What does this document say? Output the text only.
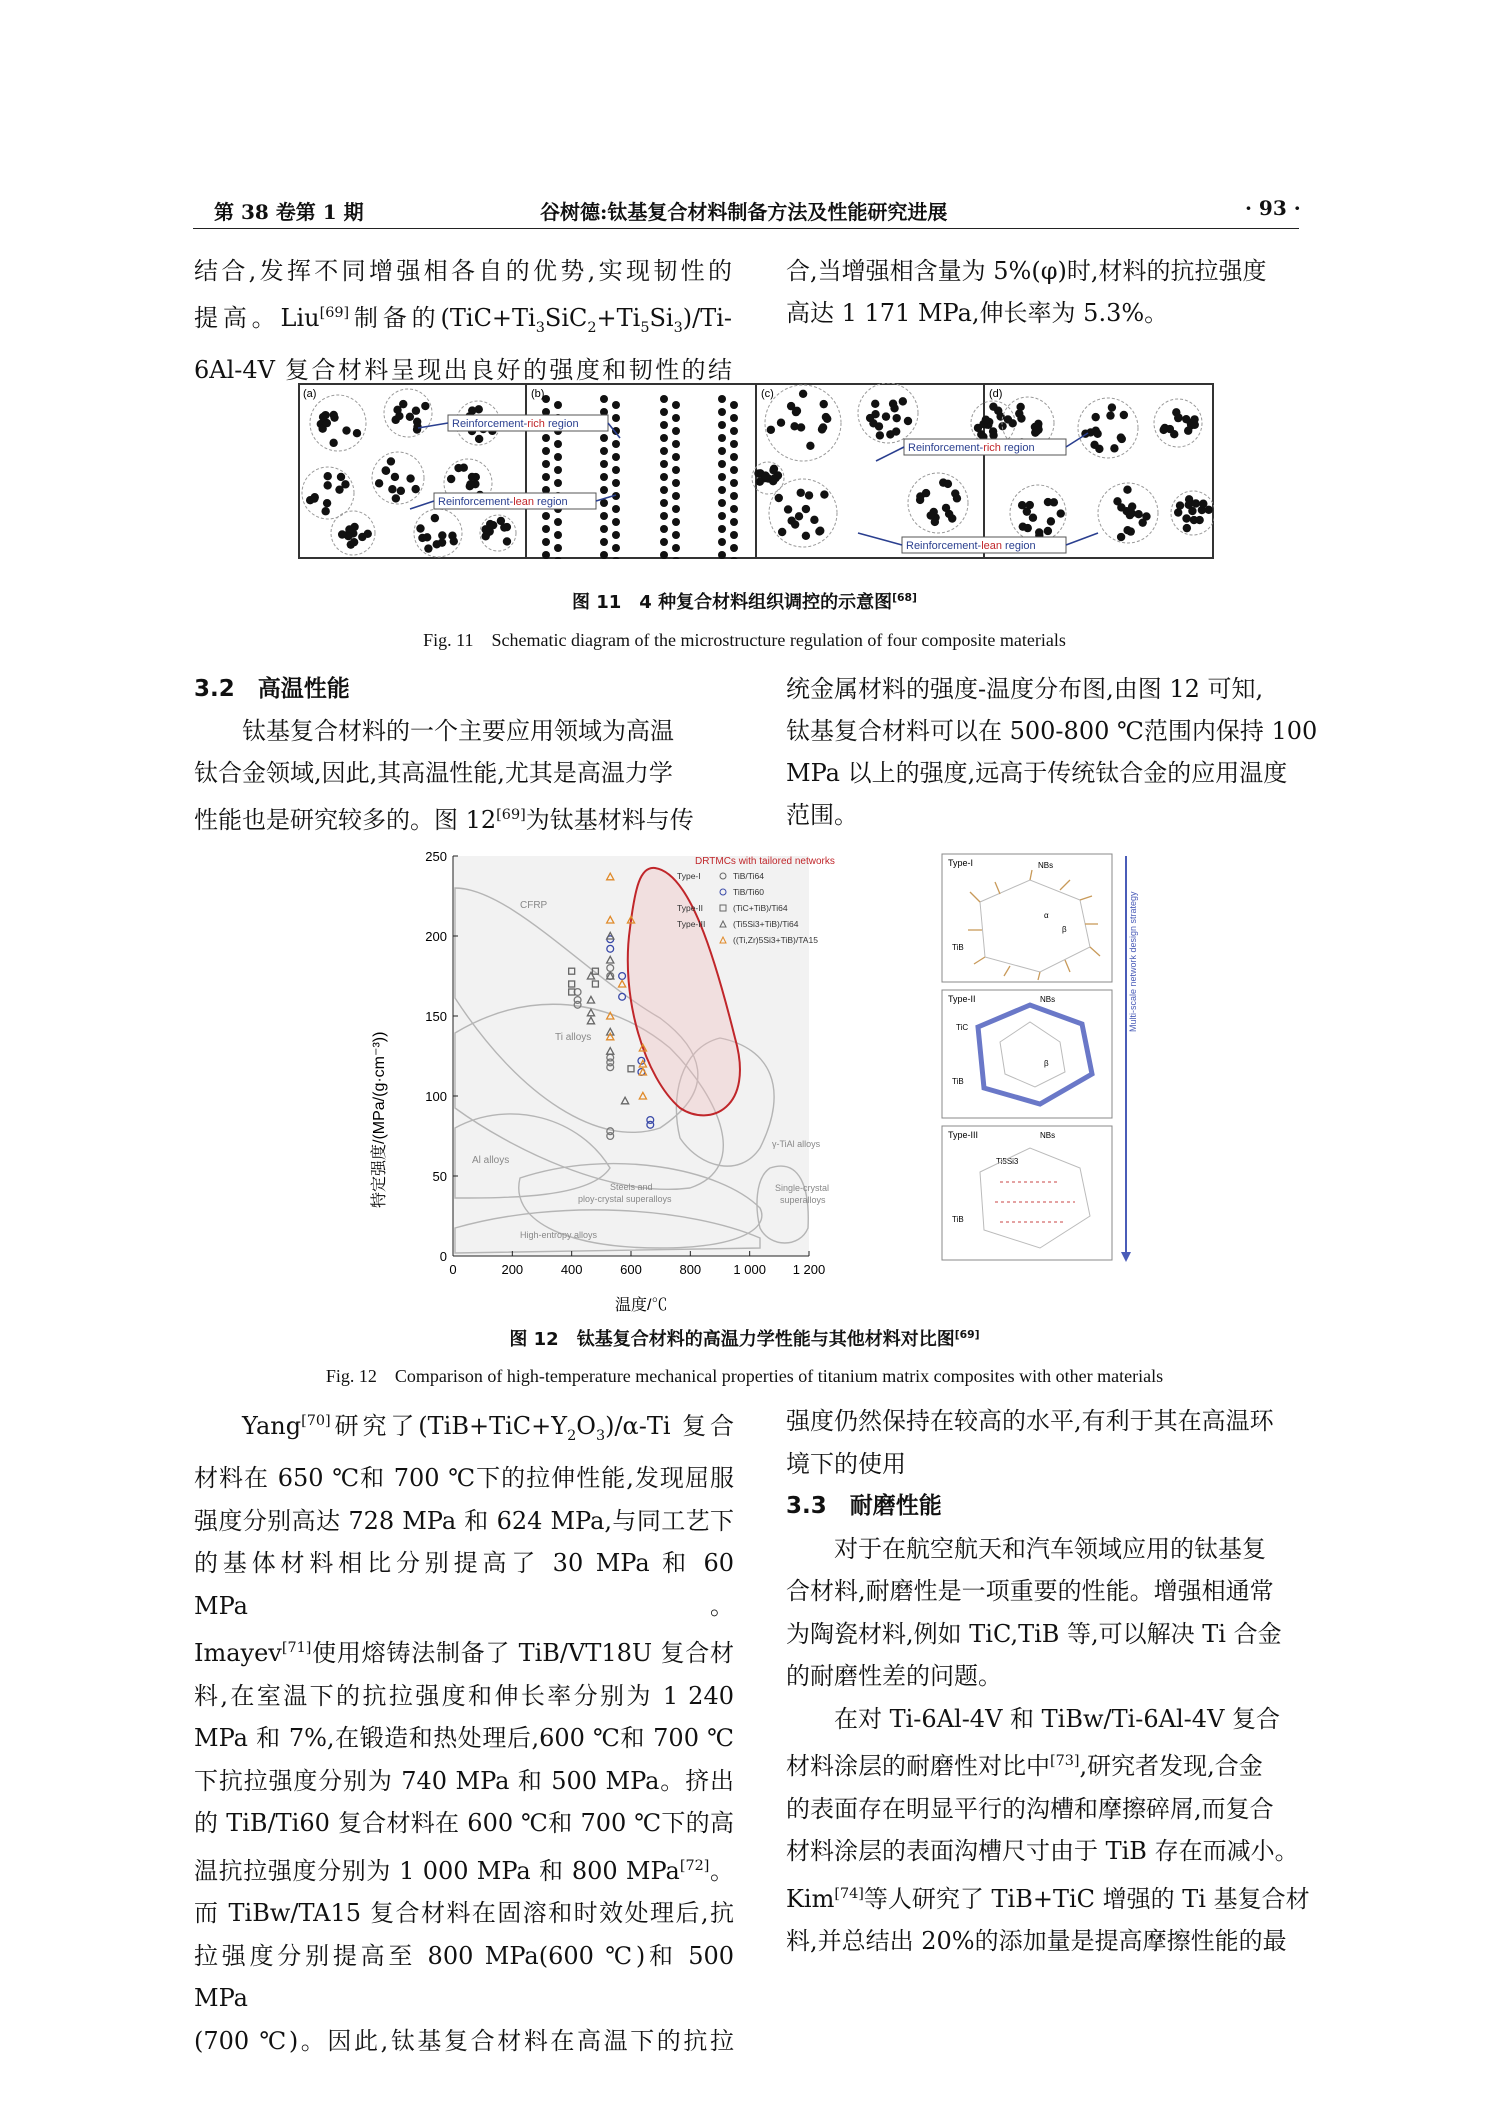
第 38 卷第 1 期	谷树德:钛基复合材料制备方法及性能研究进展	· 93 ·

结合,发挥不同增强相各自的优势,实现韧性的

提高。Liu[69]制备的$(TiC+Ti_3SiC_2+Ti_5Si_3)/Ti-$

6Al-4V 复合材料呈现出良好的强度和韧性的结

合,当增强相含量为 5%(φ)时,材料的抗拉强度

高达 1 171 MPa,伸长率为 5.3%。

(a)	(b)	(c)	(d)
Reinforcement-rich region
Reinforcement-lean region
Reinforcement-rich region
Reinforcement-lean region
图 11　4 种复合材料组织调控的示意图[68]
Fig. 11　Schematic diagram of the microstructure regulation of four composite materials

3.2　 高温性能

钛基复合材料的一个主要应用领域为高温

钛合金领域,因此,其高温性能,尤其是高温力学

性能也是研究较多的。图 12[69]为钛基材料与传

统金属材料的强度-温度分布图,由图 12 可知,

钛基复合材料可以在 500-800 ℃范围内保持 100

MPa 以上的强度,远高于传统钛合金的应用温度

范围。

CFRP
Ti alloys
Al alloys
γ-TiAl alloys
Steels and
ploy-crystal superalloys
Single-crystal
superalloys
High-entropy alloys
DRTMCs with tailored networks
Type-I	TiB/Ti64
TiB/Ti60
Type-II	(TiC+TiB)/Ti64
Type-III	(Ti5Si3+TiB)/Ti64
((Ti,Zr)5Si3+TiB)/TA15
0	200	400	600	800 1 000 1 200
0
50
100
150
200
250
特定强度/(MPa/(g·cm⁻³))
温度/℃
Type-I	NBs
TiB
α
β
Type-II	NBs
TiC
TiB
β
Type-III	NBs
Ti5Si3
TiB
Multi-scale network design strategy
图 12　钛基复合材料的高温力学性能与其他材料对比图[69]
Fig. 12　Comparison of high-temperature mechanical properties of titanium matrix composites with other materials

Yang[70]研究了$(TiB+TiC+Y_2O_3)/\alpha-Ti$ 复合

材料在 650 ℃和 700 ℃下的拉伸性能,发现屈服

强度分别高达 728 MPa 和 624 MPa,与同工艺下

的基体材料相比分别提高了 30 MPa 和 60 MPa。

Imayev[71]使用熔铸法制备了 TiB/VT18U 复合材

料,在室温下的抗拉强度和伸长率分别为 1 240

MPa 和 7%,在锻造和热处理后,600 ℃和 700 ℃

下抗拉强度分别为 740 MPa 和 500 MPa。挤出

的 TiB/Ti60 复合材料在 600 ℃和 700 ℃下的高

温抗拉强度分别为 1 000 MPa 和 800 MPa[72]。

而 TiBw/TA15 复合材料在固溶和时效处理后,抗

拉强度分别提高至 800 MPa(600 ℃)和 500 MPa

(700 ℃)。因此,钛基复合材料在高温下的抗拉

强度仍然保持在较高的水平,有利于其在高温环

境下的使用

3.3　 耐磨性能

对于在航空航天和汽车领域应用的钛基复

合材料,耐磨性是一项重要的性能。增强相通常

为陶瓷材料,例如 TiC,TiB 等,可以解决 Ti 合金

的耐磨性差的问题。

在对 Ti-6Al-4V 和 TiBw/Ti-6Al-4V 复合

材料涂层的耐磨性对比中[73],研究者发现,合金

的表面存在明显平行的沟槽和摩擦碎屑,而复合

材料涂层的表面沟槽尺寸由于 TiB 存在而减小。

Kim[74]等人研究了 TiB+TiC 增强的 Ti 基复合材

料,并总结出 20%的添加量是提高摩擦性能的最
